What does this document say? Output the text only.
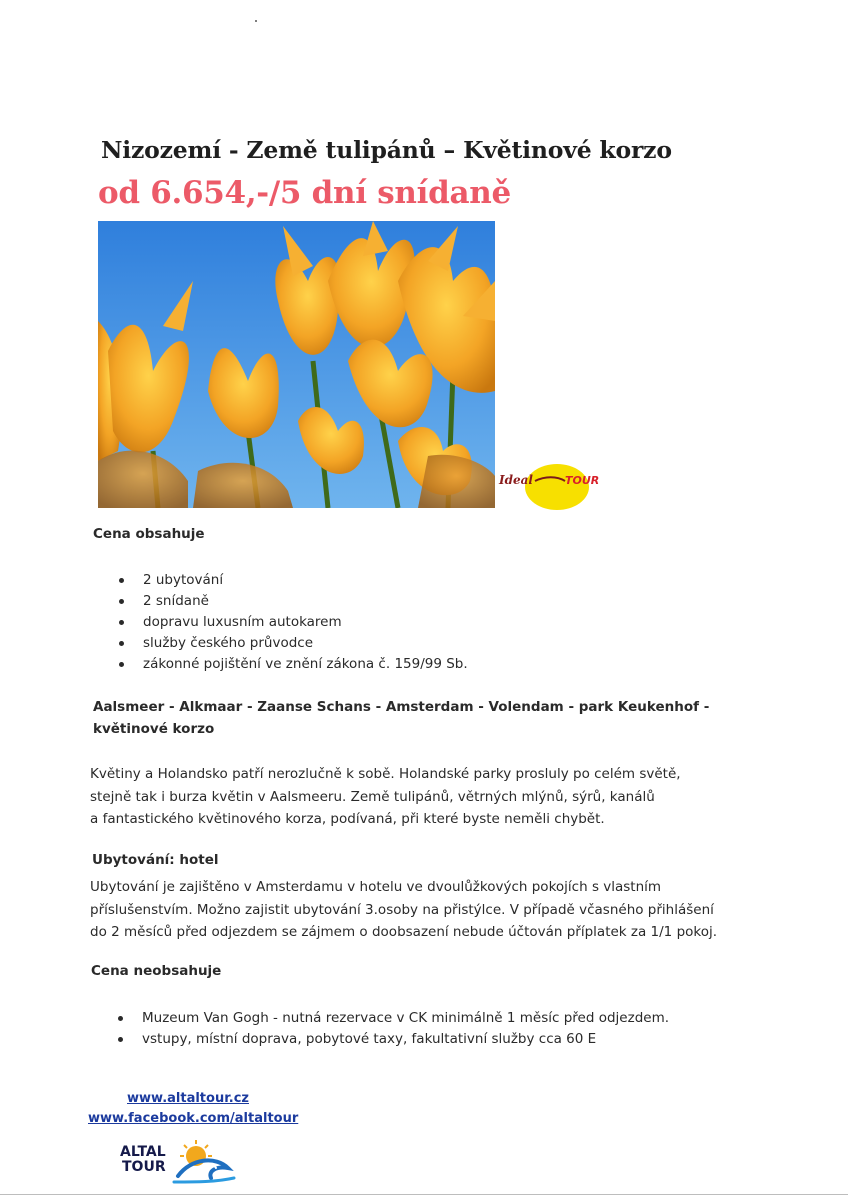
Nizozemí - Země tulipánů – Květinové korzo
od 6.654,-/5 dní snídaně
Ideal	TOUR
Cena obsahuje
2 ubytování
2 snídaně
dopravu luxusním autokarem
služby českého průvodce
zákonné pojištění ve znění zákona č. 159/99 Sb.

Aalsmeer - Alkmaar - Zaanse Schans - Amsterdam - Volendam - park Keukenhof - květinové korzo

Květiny a Holandsko patří nerozlučně k sobě. Holandské parky prosluly po celém světě,
stejně tak i burza květin v Aalsmeeru. Země tulipánů, větrných mlýnů, sýrů, kanálů
a fantastického květinového korza, podívaná, při které byste neměli chybět.

Ubytování: hotel

Ubytování je zajištěno v Amsterdamu v hotelu ve dvoulůžkových pokojích s vlastním
příslušenstvím. Možno zajistit ubytování 3.osoby na přistýlce. V případě včasného přihlášení
do 2 měsíců před odjezdem se zájmem o doobsazení nebude účtován příplatek za 1/1 pokoj.

Cena neobsahuje
Muzeum Van Gogh - nutná rezervace v CK minimálně 1 měsíc před odjezdem.
vstupy, místní doprava, pobytové taxy, fakultativní služby cca 60 E
www.altaltour.cz
www.facebook.com/altaltour
ALTAL
TOUR
